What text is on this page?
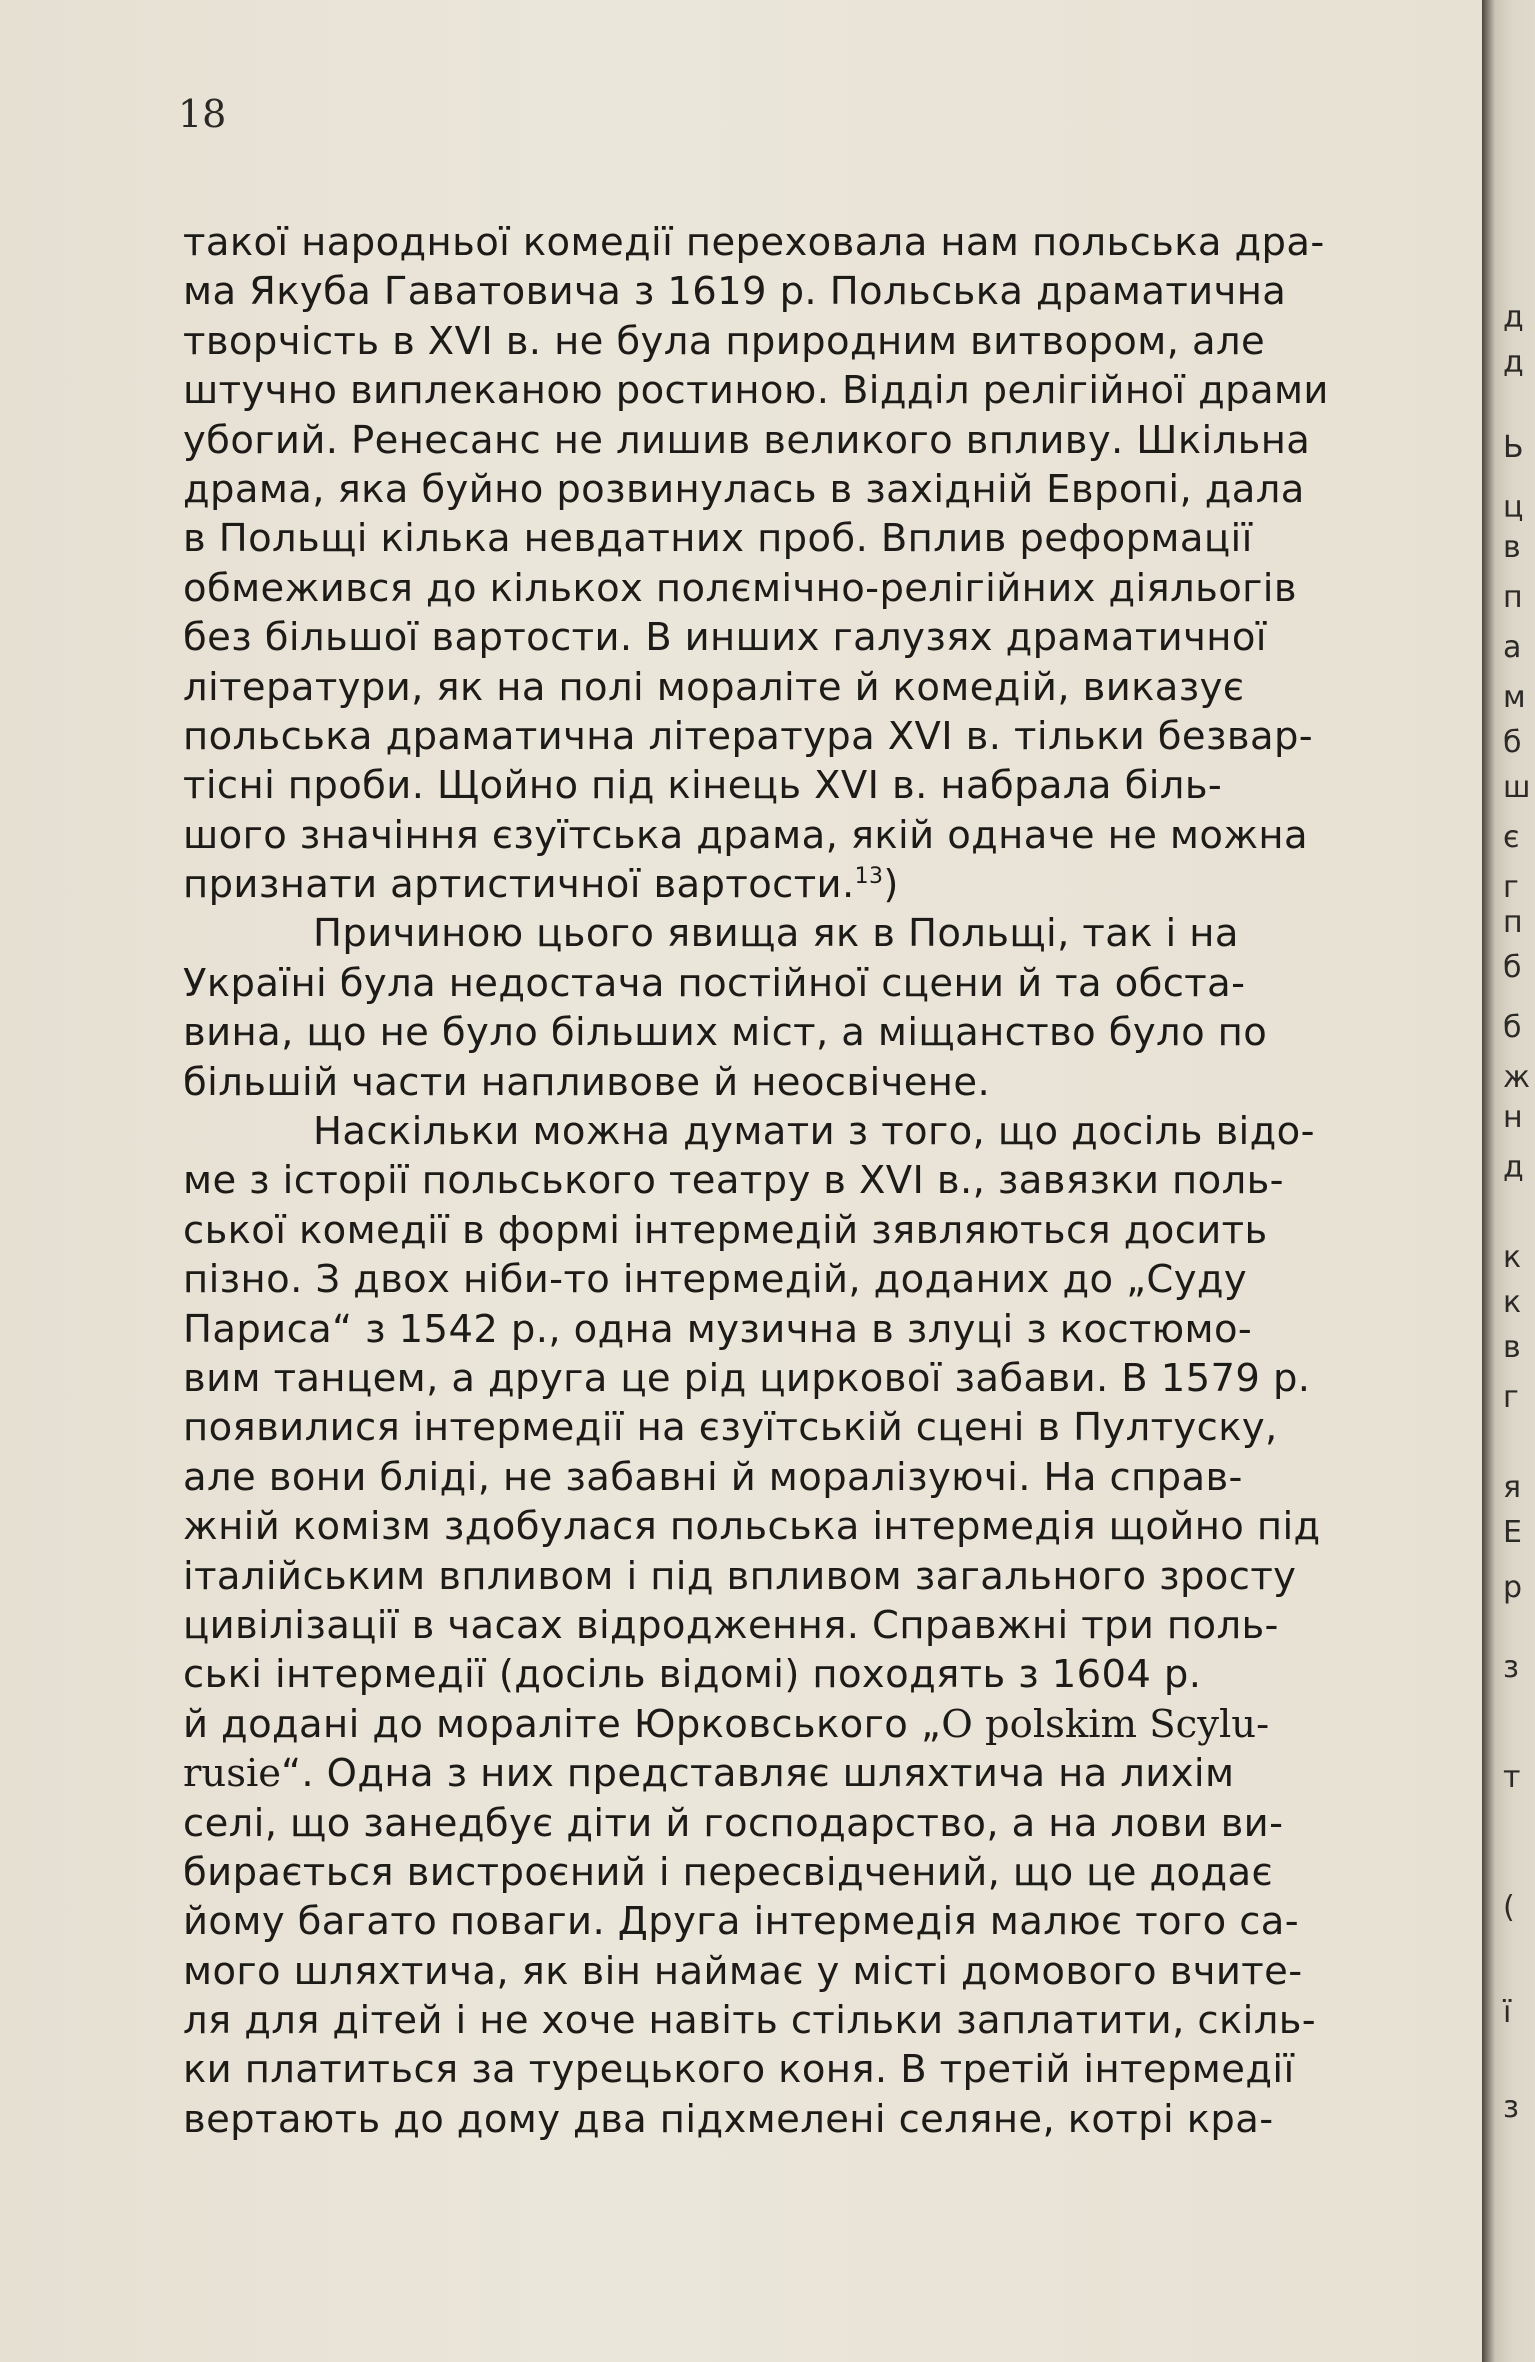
18
такої народньої комедії переховала нам польська дра-
ма Якуба Гаватовича з 1619 р. Польська драматична
творчість в XVI в. не була природним витвором, але
штучно виплеканою ростиною. Відділ релігійної драми
убогий. Ренесанс не лишив великого впливу. Шкільна
драма, яка буйно розвинулась в західній Европі, дала
в Польщі кілька невдатних проб. Вплив реформації
обмежився до кількох полємічно-релігійних діяльогів
без більшої вартости. В инших галузях драматичної
літератури, як на полі мораліте й комедій, виказує
польська драматична література XVI в. тільки безвар-
тісні проби. Щойно під кінець XVI в. набрала біль-
шого значіння єзуїтська драма, якій одначе не можна
признати артистичної вартости.$^{13}$)
Причиною цього явища як в Польщі, так і на
Україні була недостача постійної сцени й та обста-
вина, що не було більших міст, а міщанство було по
більшій части напливове й неосвічене.
Наскільки можна думати з того, що досіль відо-
ме з історії польського театру в XVI в., завязки поль-
ської комедії в формі інтермедій зявляються досить
пізно. З двох ніби-то інтермедій, доданих до „Суду
Париса“ з 1542 р., одна музична в злуці з костюмо-
вим танцем, а друга це рід циркової забави. В 1579 р.
появилися інтермедії на єзуїтській сцені в Пултуску,
але вони бліді, не забавні й моралізуючі. На справ-
жній комізм здобулася польська інтермедія щойно під
італійським впливом і під впливом загального зросту
цивілізації в часах відродження. Справжні три поль-
ські інтермедії (досіль відомі) походять з 1604 р.
й додані до мораліте Юрковського „O polskim Scylu-
rusie“. Одна з них представляє шляхтича на лихім
селі, що занедбує діти й господарство, а на лови ви-
бирається вистроєний і пересвідчений, що це додає
йому багато поваги. Друга інтермедія малює того са-
мого шляхтича, як він наймає у місті домового вчите-
ля для дітей і не хоче навіть стільки заплатити, скіль-
ки платиться за турецького коня. В третій інтермедії
вертають до дому два підхмелені селяне, котрі кра-
д
д
Ь
ц
в
п
а
м
б
ш
є
г
п
б
б
ж
н
д
к
к
в
г
я
Е
р
з
т
(
ї
з
